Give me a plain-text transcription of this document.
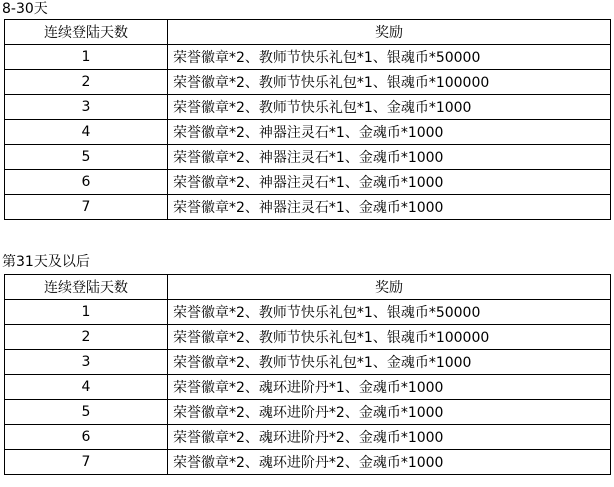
8-30天
连续登陆天数	奖励
1	荣誉徽章*2、教师节快乐礼包*1、银魂币*50000
2	荣誉徽章*2、教师节快乐礼包*1、银魂币*100000
3	荣誉徽章*2、教师节快乐礼包*1、金魂币*1000
4	荣誉徽章*2、神器注灵石*1、金魂币*1000
5	荣誉徽章*2、神器注灵石*1、金魂币*1000
6	荣誉徽章*2、神器注灵石*1、金魂币*1000
7	荣誉徽章*2、神器注灵石*1、金魂币*1000
第31天及以后
连续登陆天数	奖励
1	荣誉徽章*2、教师节快乐礼包*1、银魂币*50000
2	荣誉徽章*2、教师节快乐礼包*1、银魂币*100000
3	荣誉徽章*2、教师节快乐礼包*1、金魂币*1000
4	荣誉徽章*2、魂环进阶丹*1、金魂币*1000
5	荣誉徽章*2、魂环进阶丹*2、金魂币*1000
6	荣誉徽章*2、魂环进阶丹*2、金魂币*1000
7	荣誉徽章*2、魂环进阶丹*2、金魂币*1000
